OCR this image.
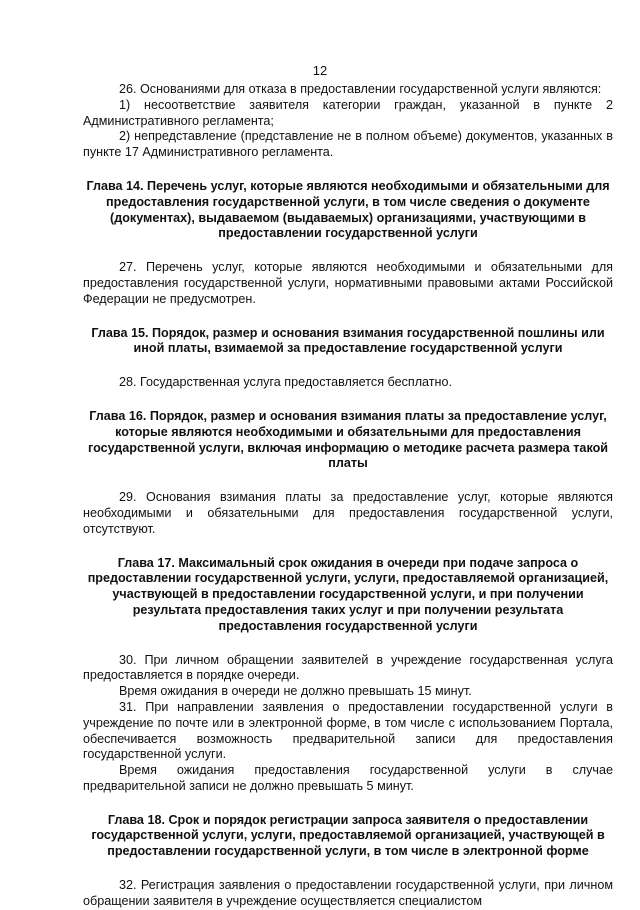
12

26. Основаниями для отказа в предоставлении государственной услуги являются:

1) несоответствие заявителя категории граждан, указанной в пункте 2 Административного регламента;

2) непредставление (представление не в полном объеме) документов, указанных в пункте 17 Административного регламента.

Глава 14. Перечень услуг, которые являются необходимыми и обязательными для предоставления государственной услуги, в том числе сведения о документе (документах), выдаваемом (выдаваемых) организациями, участвующими в предоставлении государственной услуги

27. Перечень услуг, которые являются необходимыми и обязательными для предоставления государственной услуги, нормативными правовыми актами Российской Федерации не предусмотрен.

Глава 15. Порядок, размер и основания взимания государственной пошлины или иной платы, взимаемой за предоставление государственной услуги

28. Государственная услуга предоставляется бесплатно.

Глава 16. Порядок, размер и основания взимания платы за предоставление услуг, которые являются необходимыми и обязательными для предоставления государственной услуги, включая информацию о методике расчета размера такой платы

29. Основания взимания платы за предоставление услуг, которые являются необходимыми и обязательными для предоставления государственной услуги, отсутствуют.

Глава 17. Максимальный срок ожидания в очереди при подаче запроса о предоставлении государственной услуги, услуги, предоставляемой организацией, участвующей в предоставлении государственной услуги, и при получении результата предоставления таких услуг и при получении результата предоставления государственной услуги

30. При личном обращении заявителей в учреждение государственная услуга предоставляется в порядке очереди.

Время ожидания в очереди не должно превышать 15 минут.

31. При направлении заявления о предоставлении государственной услуги в учреждение по почте или в электронной форме, в том числе с использованием Портала, обеспечивается возможность предварительной записи для предоставления государственной услуги.

Время ожидания предоставления государственной услуги в случае предварительной записи не должно превышать 5 минут.

Глава 18. Срок и порядок регистрации запроса заявителя о предоставлении государственной услуги, услуги, предоставляемой организацией, участвующей в предоставлении государственной услуги, в том числе в электронной форме

32. Регистрация заявления о предоставлении государственной услуги, при личном обращении заявителя в учреждение осуществляется специалистом
